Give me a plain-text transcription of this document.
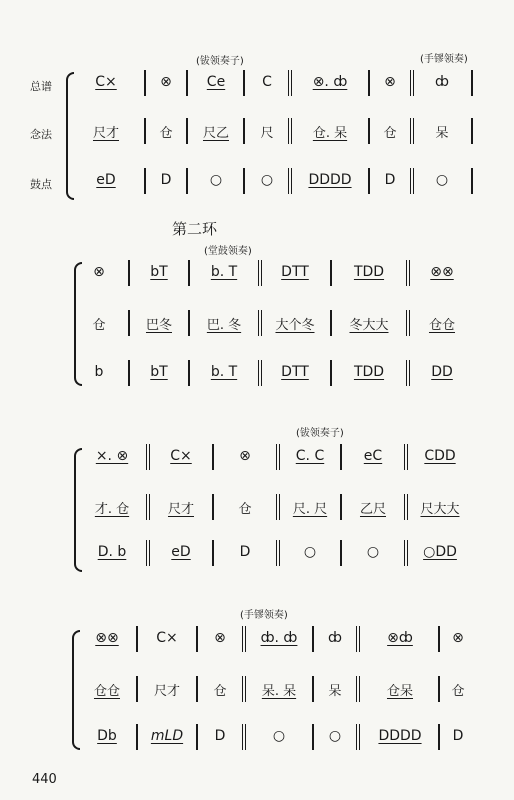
(钹领奏子)	(手镠领奏)
总谱
念法
鼓点
C×	⊗	Ce	C	⊗. ȸ	⊗	ȸ
尺才	仓	尺乙	尺	仓. 呆	仓	呆
eD	D	○	○	DDDD	D	○
第二环
(堂鼓领奏)
⊗	bT	b. T	DTT	TDD	⊗⊗
仓	巴冬	巴. 冬	大个冬	冬大大	仓仓
b	bT	b. T	DTT	TDD	DD
(钹领奏子)
×. ⊗	C×	⊗	C. C	eC	CDD
才. 仓	尺才	仓	尺. 尺	乙尺	尺大大
D. b	eD	D	○	○	○DD
(手镠领奏)
⊗⊗	C×	⊗	ȸ. ȸ	ȸ	⊗ȸ	⊗
仓仓	尺才	仓	呆. 呆	呆	仓呆	仓
Db	mLD	D	○	○	DDDD	D
440
